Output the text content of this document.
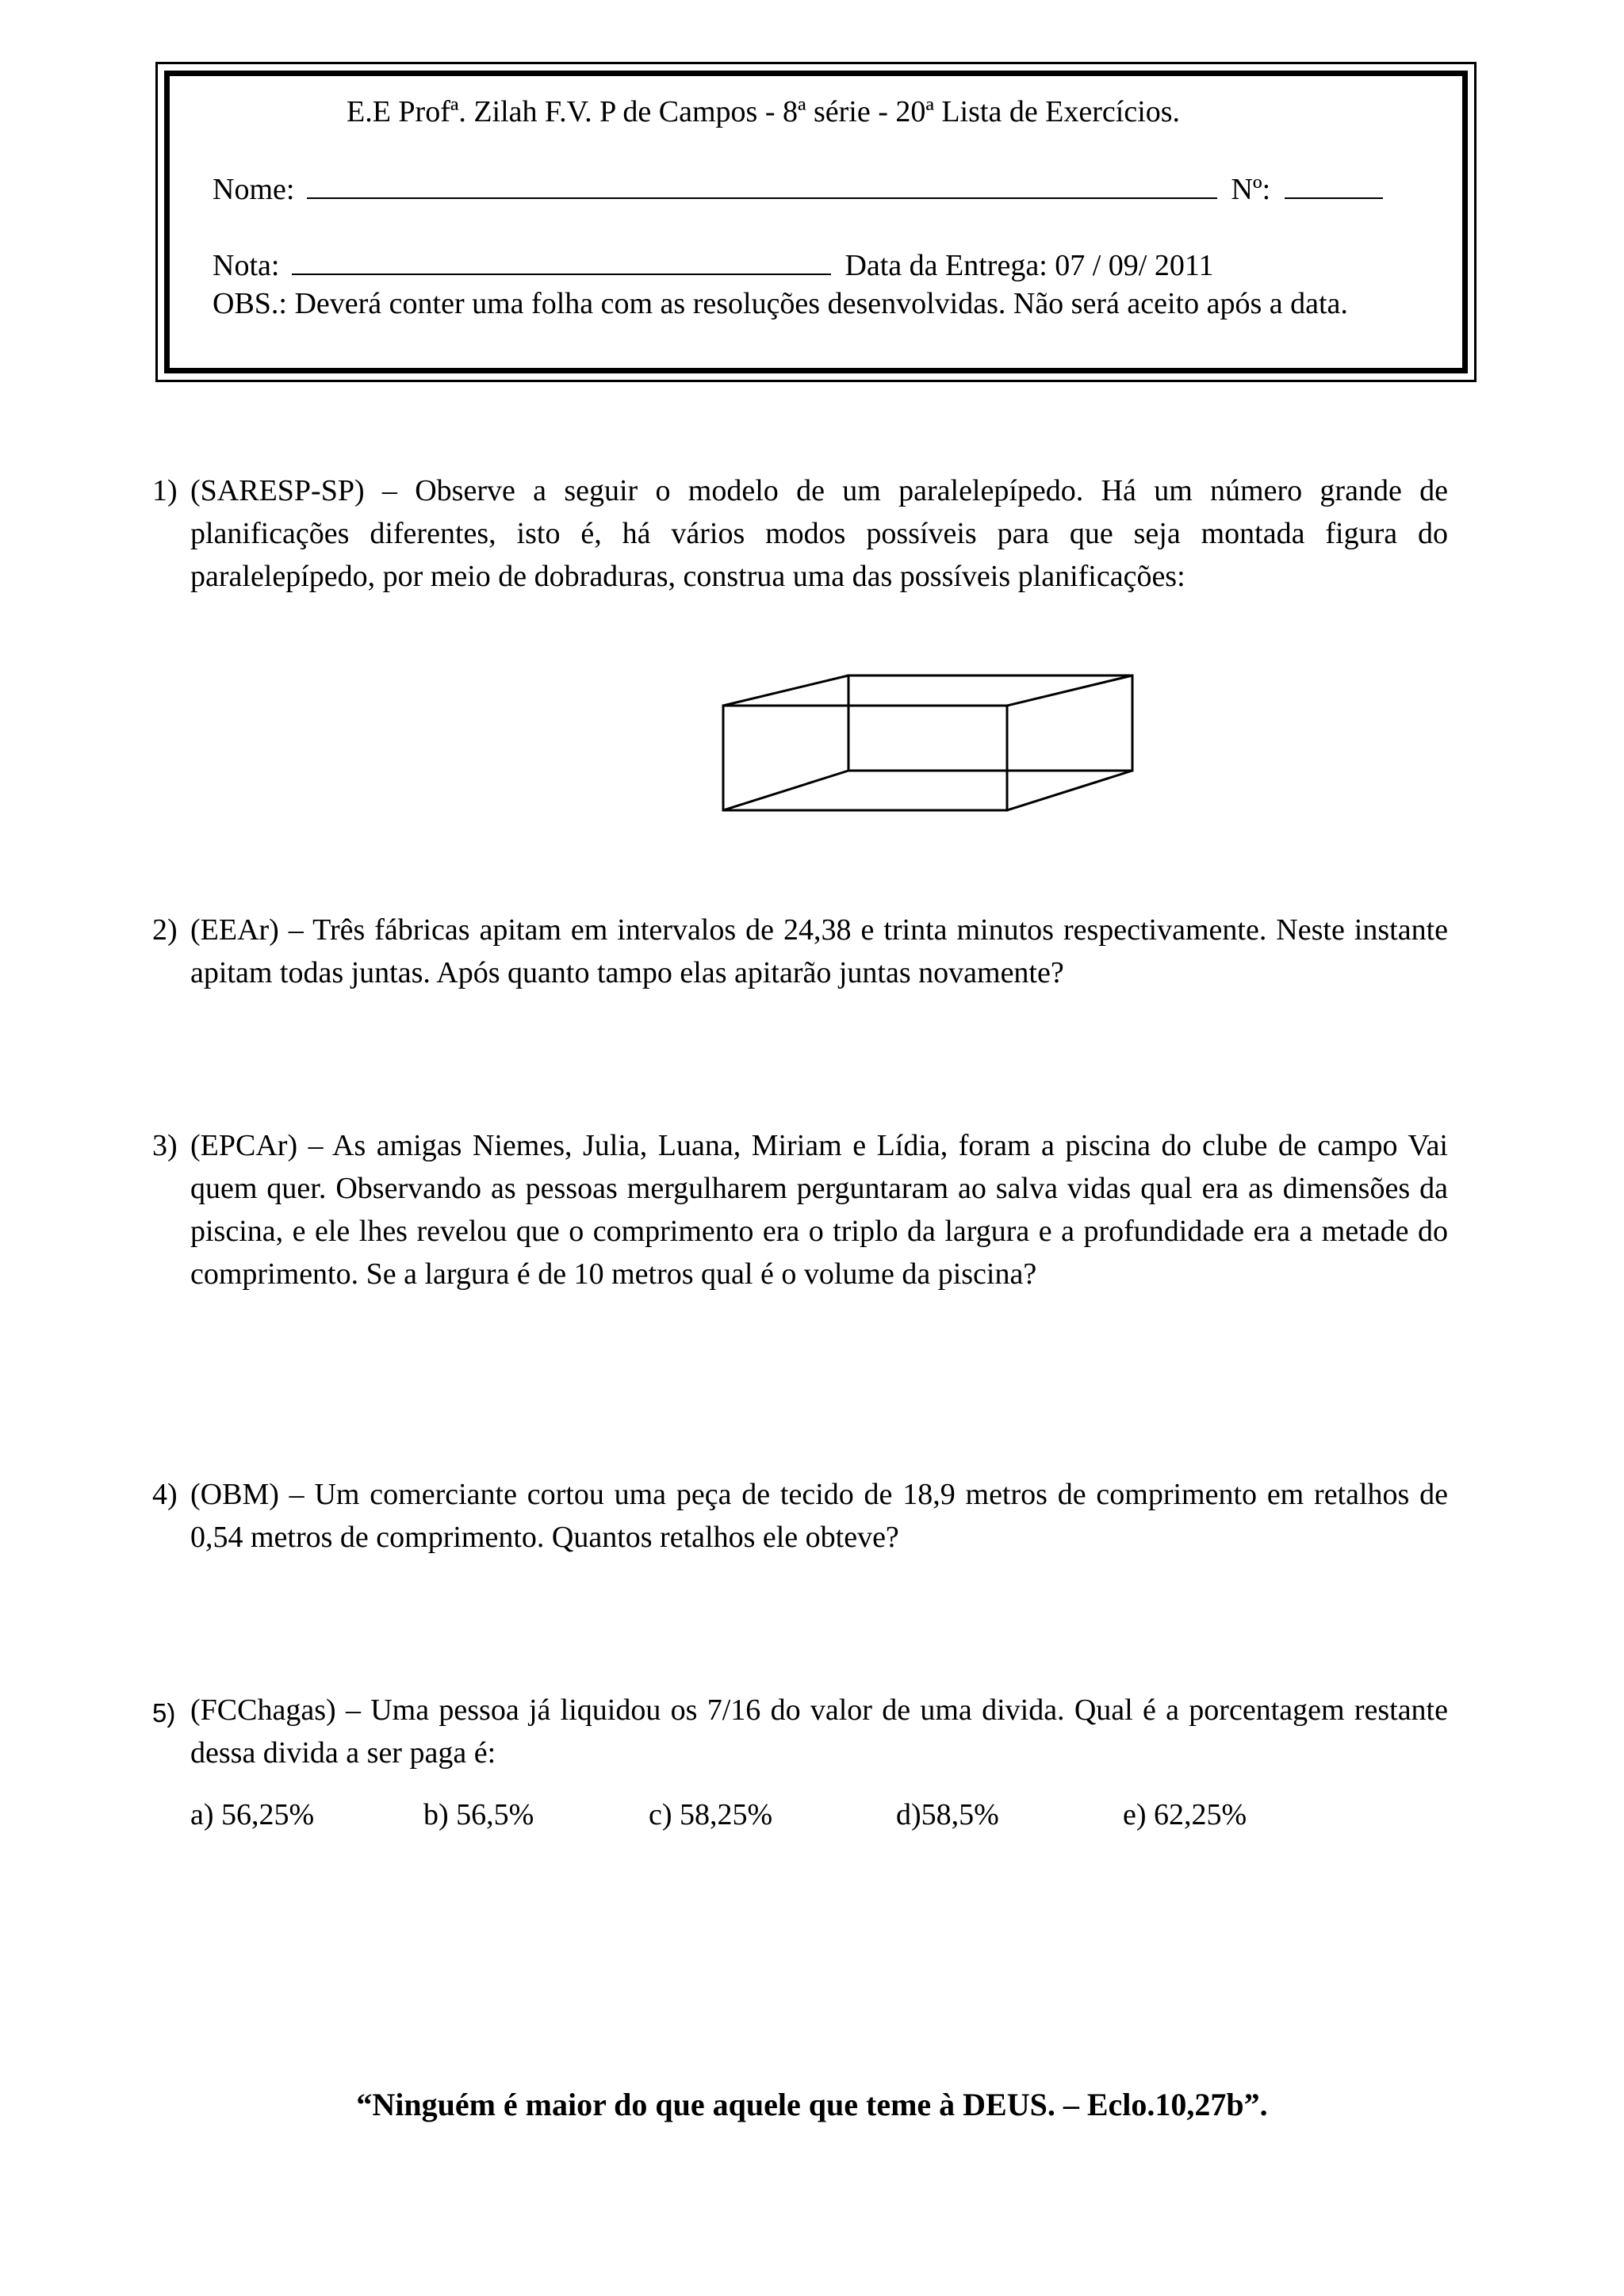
E.E Profª. Zilah F.V. P de Campos - 8ª série - 20ª Lista de Exercícios.
Nome:	Nº:
Nota:	Data da Entrega: 07 / 09/ 2011
OBS.: Deverá conter uma folha com as resoluções desenvolvidas. Não será aceito após a data.
1) (SARESP-SP) – Observe a seguir o modelo de um paralelepípedo. Há um número grande de planificações diferentes, isto é, há vários modos possíveis para que seja montada figura do paralelepípedo, por meio de dobraduras, construa uma das possíveis planificações:

2) (EEAr) – Três fábricas apitam em intervalos de 24,38 e trinta minutos respectivamente. Neste instante apitam todas juntas. Após quanto tampo elas apitarão juntas novamente?

3) (EPCAr) – As amigas Niemes, Julia, Luana, Miriam e Lídia, foram a piscina do clube de campo Vai quem quer. Observando as pessoas mergulharem perguntaram ao salva vidas qual era as dimensões da piscina, e ele lhes revelou que o comprimento era o triplo da largura e a profundidade era a metade do comprimento. Se a largura é de 10 metros qual é o volume da piscina?

4) (OBM) – Um comerciante cortou uma peça de tecido de 18,9 metros de comprimento em retalhos de 0,54 metros de comprimento. Quantos retalhos ele obteve?

5) (FCChagas) – Uma pessoa já liquidou os 7/16 do valor de uma divida. Qual é a porcentagem restante dessa divida a ser paga é:

a) 56,25%	b) 56,5%	c) 58,25%	d)58,5%	e) 62,25%
“Ninguém é maior do que aquele que teme à DEUS. – Eclo.10,27b”.
